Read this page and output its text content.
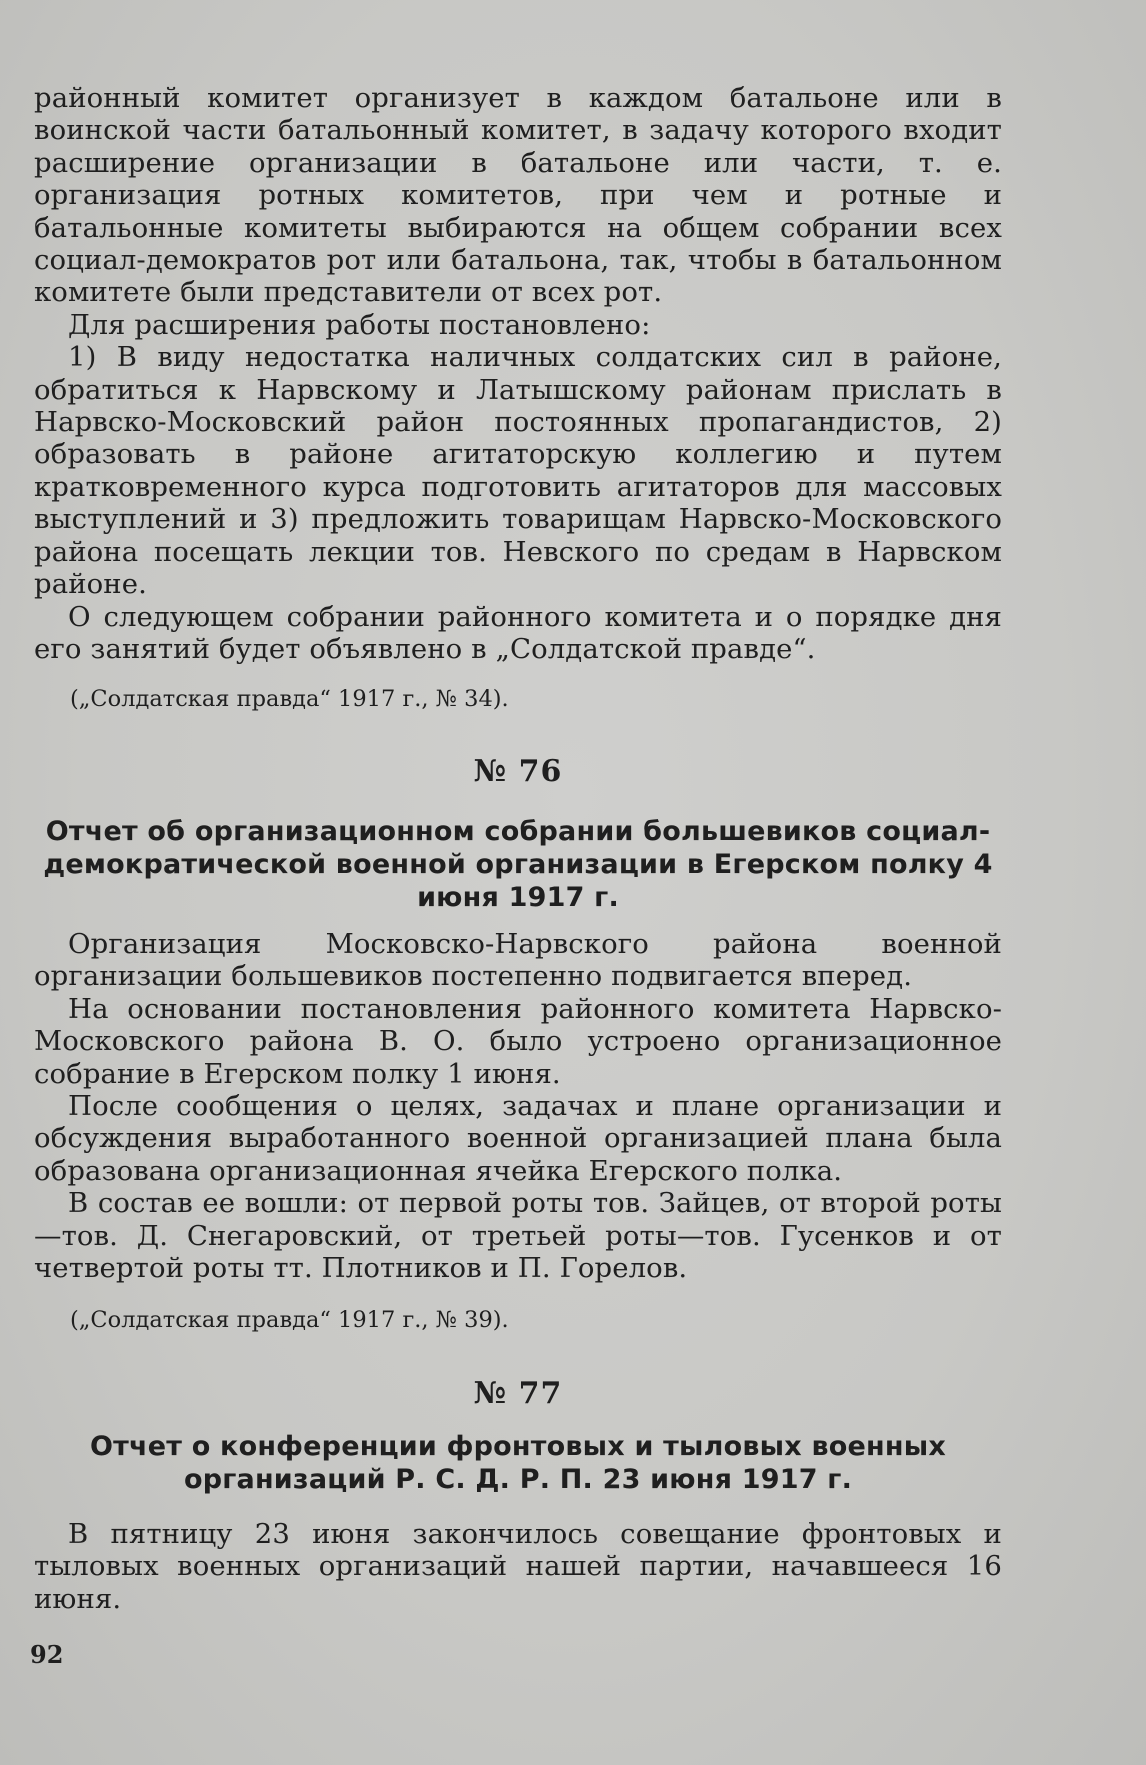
районный комитет организует в каждом батальоне или в воинской части батальонный комитет, в задачу которого входит расширение организации в батальоне или части, т. е. организация ротных комитетов, при чем и ротные и батальонные комитеты выбираются на общем собрании всех социал-демократов рот или батальона, так, чтобы в батальонном комитете были представители от всех рот.

Для расширения работы постановлено:

1) В виду недостатка наличных солдатских сил в районе, обратиться к Нарвскому и Латышскому районам прислать в Нарвско-Московский район постоянных пропагандистов, 2) образовать в районе агитаторскую коллегию и путем кратковременного курса подготовить агитаторов для массовых выступлений и 3) предложить товарищам Нарвско-Московского района посещать лекции тов. Невского по средам в Нарвском районе.

О следующем собрании районного комитета и о порядке дня его занятий будет объявлено в „Солдатской правде“.

(„Солдатская правда“ 1917 г., № 34).

№ 76

Отчет об организационном собрании большевиков социал-демократической военной организации в Егерском полку 4 июня 1917 г.

Организация Московско-Нарвского района военной организации большевиков постепенно подвигается вперед.

На основании постановления районного комитета Нарвско-Московского района В. О. было устроено организационное собрание в Егерском полку 1 июня.

После сообщения о целях, задачах и плане организации и обсуждения выработанного военной организацией плана была образована организационная ячейка Егерского полка.

В состав ее вошли: от первой роты тов. Зайцев, от второй роты—тов. Д. Снегаровский, от третьей роты—тов. Гусенков и от четвертой роты тт. Плотников и П. Горелов.

(„Солдатская правда“ 1917 г., № 39).

№ 77

Отчет о конференции фронтовых и тыловых военных организаций Р. С. Д. Р. П. 23 июня 1917 г.

В пятницу 23 июня закончилось совещание фронтовых и тыловых военных организаций нашей партии, начавшееся 16 июня.

92
